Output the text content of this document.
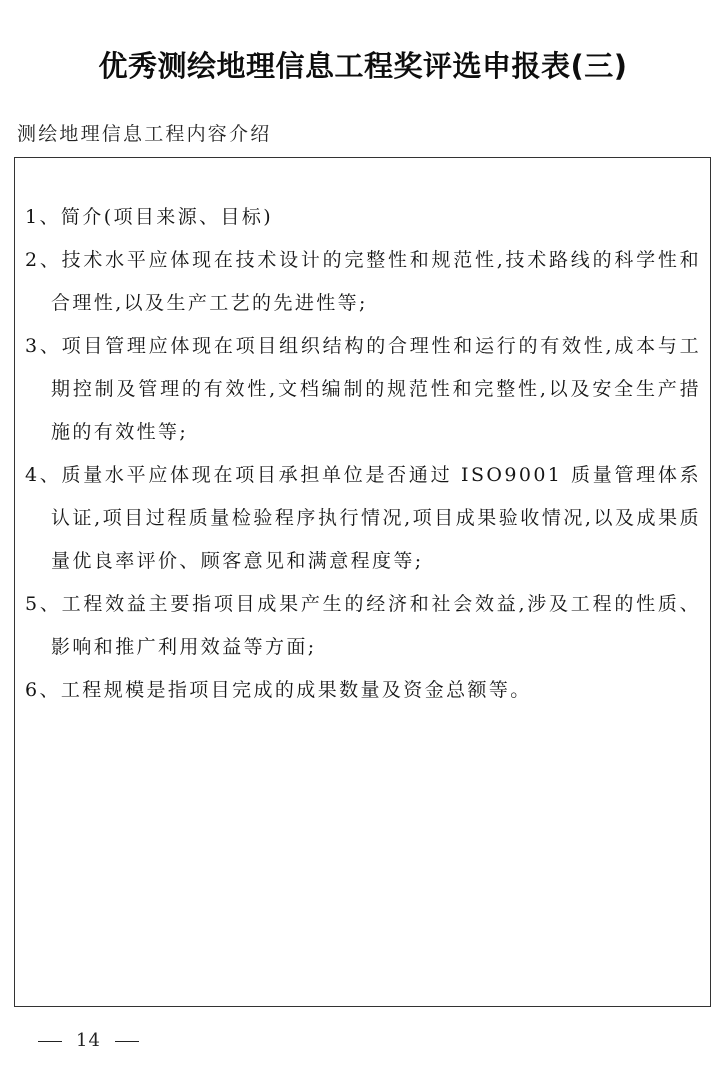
优秀测绘地理信息工程奖评选申报表(三)
测绘地理信息工程内容介绍
1、简介(项目来源、目标)
2、技术水平应体现在技术设计的完整性和规范性,技术路线的科学性和合理性,以及生产工艺的先进性等;
3、项目管理应体现在项目组织结构的合理性和运行的有效性,成本与工期控制及管理的有效性,文档编制的规范性和完整性,以及安全生产措施的有效性等;
4、质量水平应体现在项目承担单位是否通过 ISO9001 质量管理体系认证,项目过程质量检验程序执行情况,项目成果验收情况,以及成果质量优良率评价、顾客意见和满意程度等;
5、工程效益主要指项目成果产生的经济和社会效益,涉及工程的性质、影响和推广利用效益等方面;
6、工程规模是指项目完成的成果数量及资金总额等。
14
